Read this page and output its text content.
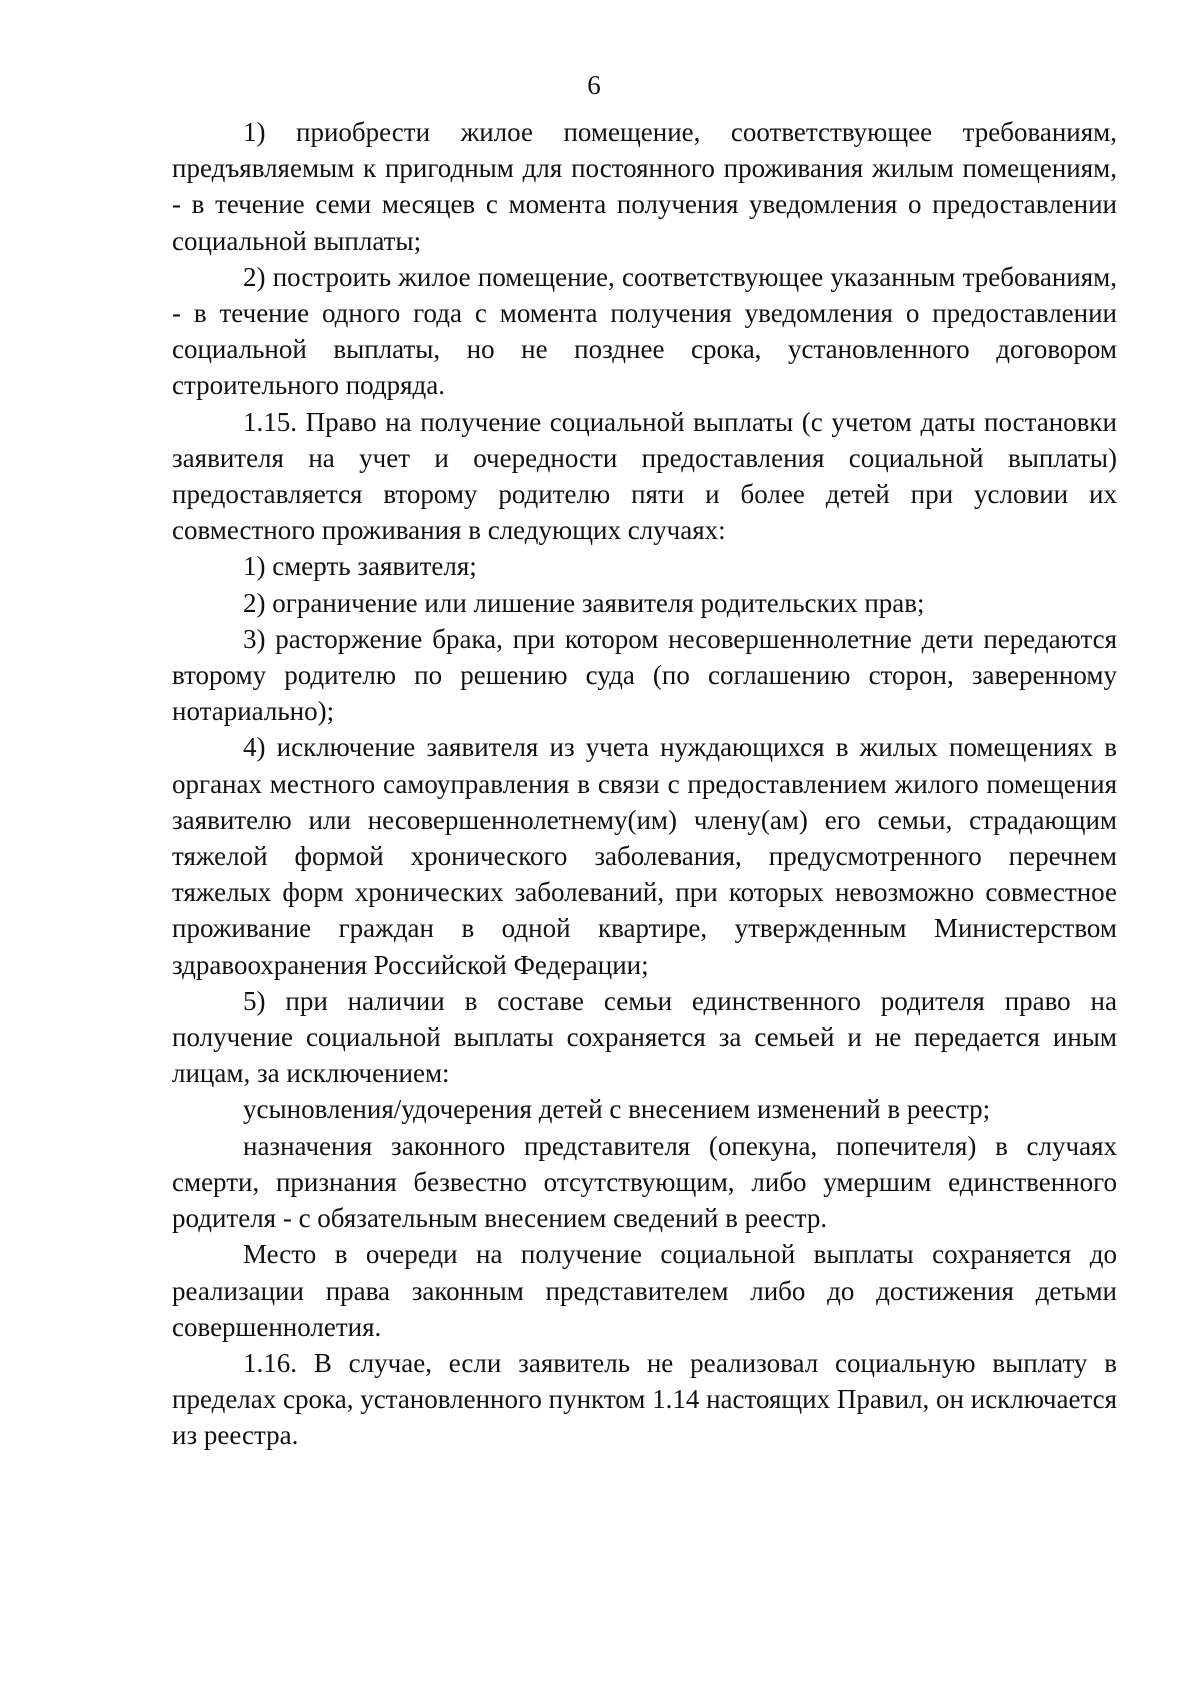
6

1) приобрести жилое помещение, соответствующее требованиям, предъявляемым к пригодным для постоянного проживания жилым помещениям, - в течение семи месяцев с момента получения уведомления о предоставлении социальной выплаты;

2) построить жилое помещение, соответствующее указанным требованиям, - в течение одного года с момента получения уведомления о предоставлении социальной выплаты, но не позднее срока, установленного договором строительного подряда.

1.15. Право на получение социальной выплаты (с учетом даты постановки заявителя на учет и очередности предоставления социальной выплаты) предоставляется второму родителю пяти и более детей при условии их совместного проживания в следующих случаях:

1) смерть заявителя;

2) ограничение или лишение заявителя родительских прав;

3) расторжение брака, при котором несовершеннолетние дети передаются второму родителю по решению суда (по соглашению сторон, заверенному нотариально);

4) исключение заявителя из учета нуждающихся в жилых помещениях в органах местного самоуправления в связи с предоставлением жилого помещения заявителю или несовершеннолетнему(им) члену(ам) его семьи, страдающим тяжелой формой хронического заболевания, предусмотренного перечнем тяжелых форм хронических заболеваний, при которых невозможно совместное проживание граждан в одной квартире, утвержденным Министерством здравоохранения Российской Федерации;

5) при наличии в составе семьи единственного родителя право на получение социальной выплаты сохраняется за семьей и не передается иным лицам, за исключением:

усыновления/удочерения детей с внесением изменений в реестр;

назначения законного представителя (опекуна, попечителя) в случаях смерти, признания безвестно отсутствующим, либо умершим единственного родителя - с обязательным внесением сведений в реестр.

Место в очереди на получение социальной выплаты сохраняется до реализации права законным представителем либо до достижения детьми совершеннолетия.

1.16. В случае, если заявитель не реализовал социальную выплату в пределах срока, установленного пунктом 1.14 настоящих Правил, он исключается из реестра.
